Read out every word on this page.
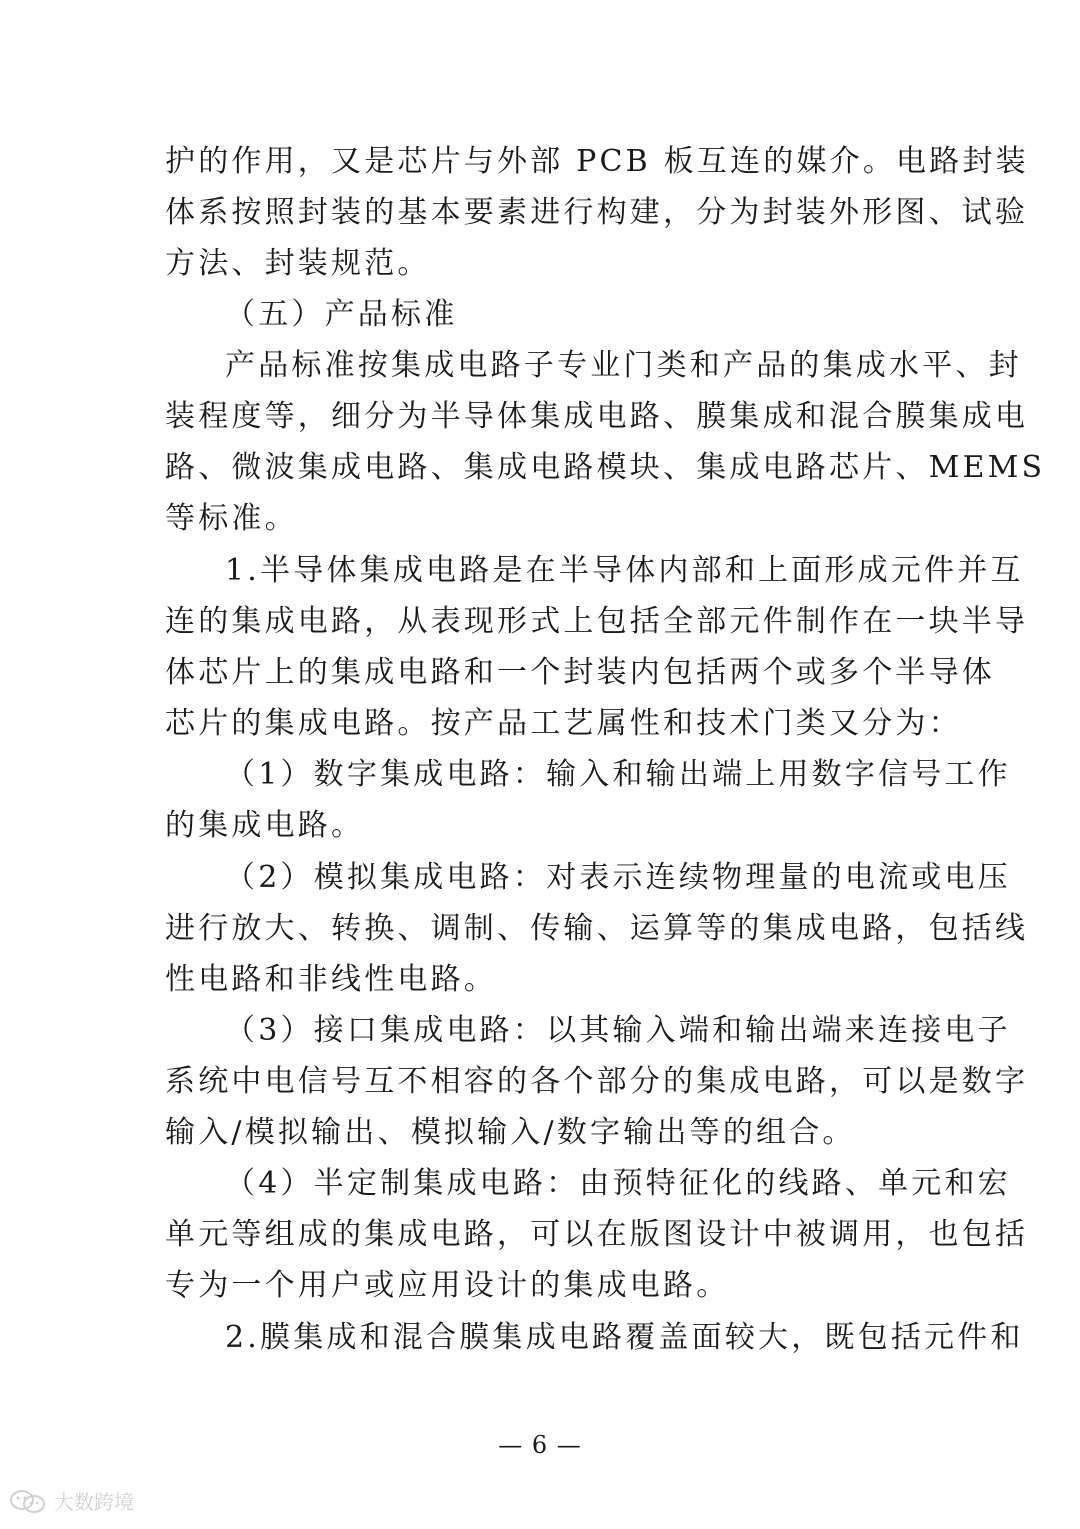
护的作用，又是芯片与外部 PCB 板互连的媒介。电路封装
体系按照封装的基本要素进行构建，分为封装外形图、试验
方法、封装规范。
（五）产品标准
产品标准按集成电路子专业门类和产品的集成水平、封
装程度等，细分为半导体集成电路、膜集成和混合膜集成电
路、微波集成电路、集成电路模块、集成电路芯片、MEMS
等标准。
1.半导体集成电路是在半导体内部和上面形成元件并互
连的集成电路，从表现形式上包括全部元件制作在一块半导
体芯片上的集成电路和一个封装内包括两个或多个半导体
芯片的集成电路。按产品工艺属性和技术门类又分为：
（1）数字集成电路：输入和输出端上用数字信号工作
的集成电路。
（2）模拟集成电路：对表示连续物理量的电流或电压
进行放大、转换、调制、传输、运算等的集成电路，包括线
性电路和非线性电路。
（3）接口集成电路：以其输入端和输出端来连接电子
系统中电信号互不相容的各个部分的集成电路，可以是数字
输入/模拟输出、模拟输入/数字输出等的组合。
（4）半定制集成电路：由预特征化的线路、单元和宏
单元等组成的集成电路，可以在版图设计中被调用，也包括
专为一个用户或应用设计的集成电路。
2.膜集成和混合膜集成电路覆盖面较大，既包括元件和
— 6 —
大数跨境
